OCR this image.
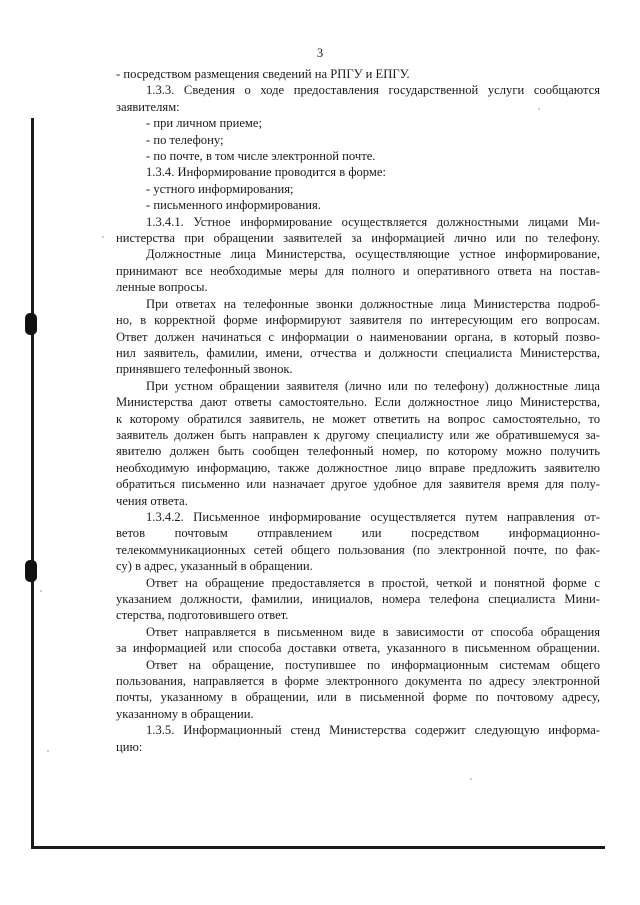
3

- посредством размещения сведений на РПГУ и ЕПГУ.

1.3.3. Сведения о ходе предоставления государственной услуги сообщаются

заявителям:

- при личном приеме;

- по телефону;

- по почте, в том числе электронной почте.

1.3.4. Информирование проводится в форме:

- устного информирования;

- письменного информирования.

1.3.4.1. Устное информирование осуществляется должностными лицами Ми-

нистерства при обращении заявителей за информацией лично или по телефону.

Должностные лица Министерства, осуществляющие устное информирование,

принимают все необходимые меры для полного и оперативного ответа на постав-

ленные вопросы.

При ответах на телефонные звонки должностные лица Министерства подроб-

но, в корректной форме информируют заявителя по интересующим его вопросам.

Ответ должен начинаться с информации о наименовании органа, в который позво-

нил заявитель, фамилии, имени, отчества и должности специалиста Министерства,

принявшего телефонный звонок.

При устном обращении заявителя (лично или по телефону) должностные лица

Министерства дают ответы самостоятельно. Если должностное лицо Министерства,

к которому обратился заявитель, не может ответить на вопрос самостоятельно, то

заявитель должен быть направлен к другому специалисту или же обратившемуся за-

явителю должен быть сообщен телефонный номер, по которому можно получить

необходимую информацию, также должностное лицо вправе предложить заявителю

обратиться письменно или назначает другое удобное для заявителя время для полу-

чения ответа.

1.3.4.2. Письменное информирование осуществляется путем направления от-

ветов почтовым отправлением или посредством информационно-

телекоммуникационных сетей общего пользования (по электронной почте, по фак-

су) в адрес, указанный в обращении.

Ответ на обращение предоставляется в простой, четкой и понятной форме с

указанием должности, фамилии, инициалов, номера телефона специалиста Мини-

стерства, подготовившего ответ.

Ответ направляется в письменном виде в зависимости от способа обращения

за информацией или способа доставки ответа, указанного в письменном обращении.

Ответ на обращение, поступившее по информационным системам общего

пользования, направляется в форме электронного документа по адресу электронной

почты, указанному в обращении, или в письменной форме по почтовому адресу,

указанному в обращении.

1.3.5. Информационный стенд Министерства содержит следующую информа-

цию:
